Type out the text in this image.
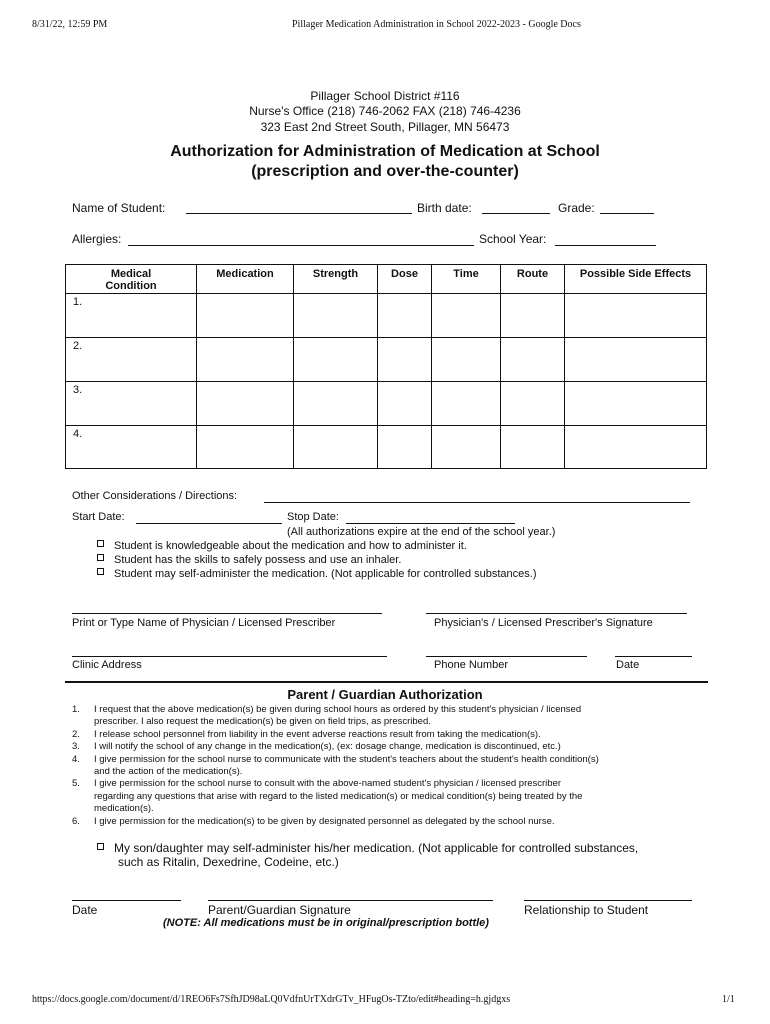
8/31/22, 12:59 PM	Pillager Medication Administration in School 2022-2023 - Google Docs
Pillager School District #116
Nurse's Office (218) 746-2062 FAX (218) 746-4236
323 East 2nd Street South, Pillager, MN 56473
Authorization for Administration of Medication at School
(prescription and over-the-counter)
Name of Student:	Birth date:	Grade:
Allergies:	School Year:
Medical
Condition	Medication	Strength	Dose	Time	Route	Possible Side Effects
1.						
2.						
3.						
4.						
Other Considerations / Directions:
Start Date:	Stop Date:
(All authorizations expire at the end of the school year.)
Student is knowledgeable about the medication and how to administer it.
Student has the skills to safely possess and use an inhaler.
Student may self-administer the medication. (Not applicable for controlled substances.)
Print or Type Name of Physician / Licensed Prescriber	Physician's / Licensed Prescriber's Signature
Clinic Address	Phone Number	Date
Parent / Guardian Authorization
1.	I request that the above medication(s) be given during school hours as ordered by this student's physician / licensed
prescriber. I also request the medication(s) be given on field trips, as prescribed.
2.	I release school personnel from liability in the event adverse reactions result from taking the medication(s).
3.	I will notify the school of any change in the medication(s), (ex: dosage change, medication is discontinued, etc.)
4.	I give permission for the school nurse to communicate with the student's teachers about the student's health condition(s)
and the action of the medication(s).
5.	I give permission for the school nurse to consult with the above-named student's physician / licensed prescriber
regarding any questions that arise with regard to the listed medication(s) or medical condition(s) being treated by the
medication(s).
6.	I give permission for the medication(s) to be given by designated personnel as delegated by the school nurse.
My son/daughter may self-administer his/her medication. (Not applicable for controlled substances,
such as Ritalin, Dexedrine, Codeine, etc.)
Date	Parent/Guardian Signature	Relationship to Student
(NOTE: All medications must be in original/prescription bottle)
https://docs.google.com/document/d/1REO6Fs7SfhJD98aLQ0VdfnUrTXdrGTv_HFugOs-TZto/edit#heading=h.gjdgxs	1/1
